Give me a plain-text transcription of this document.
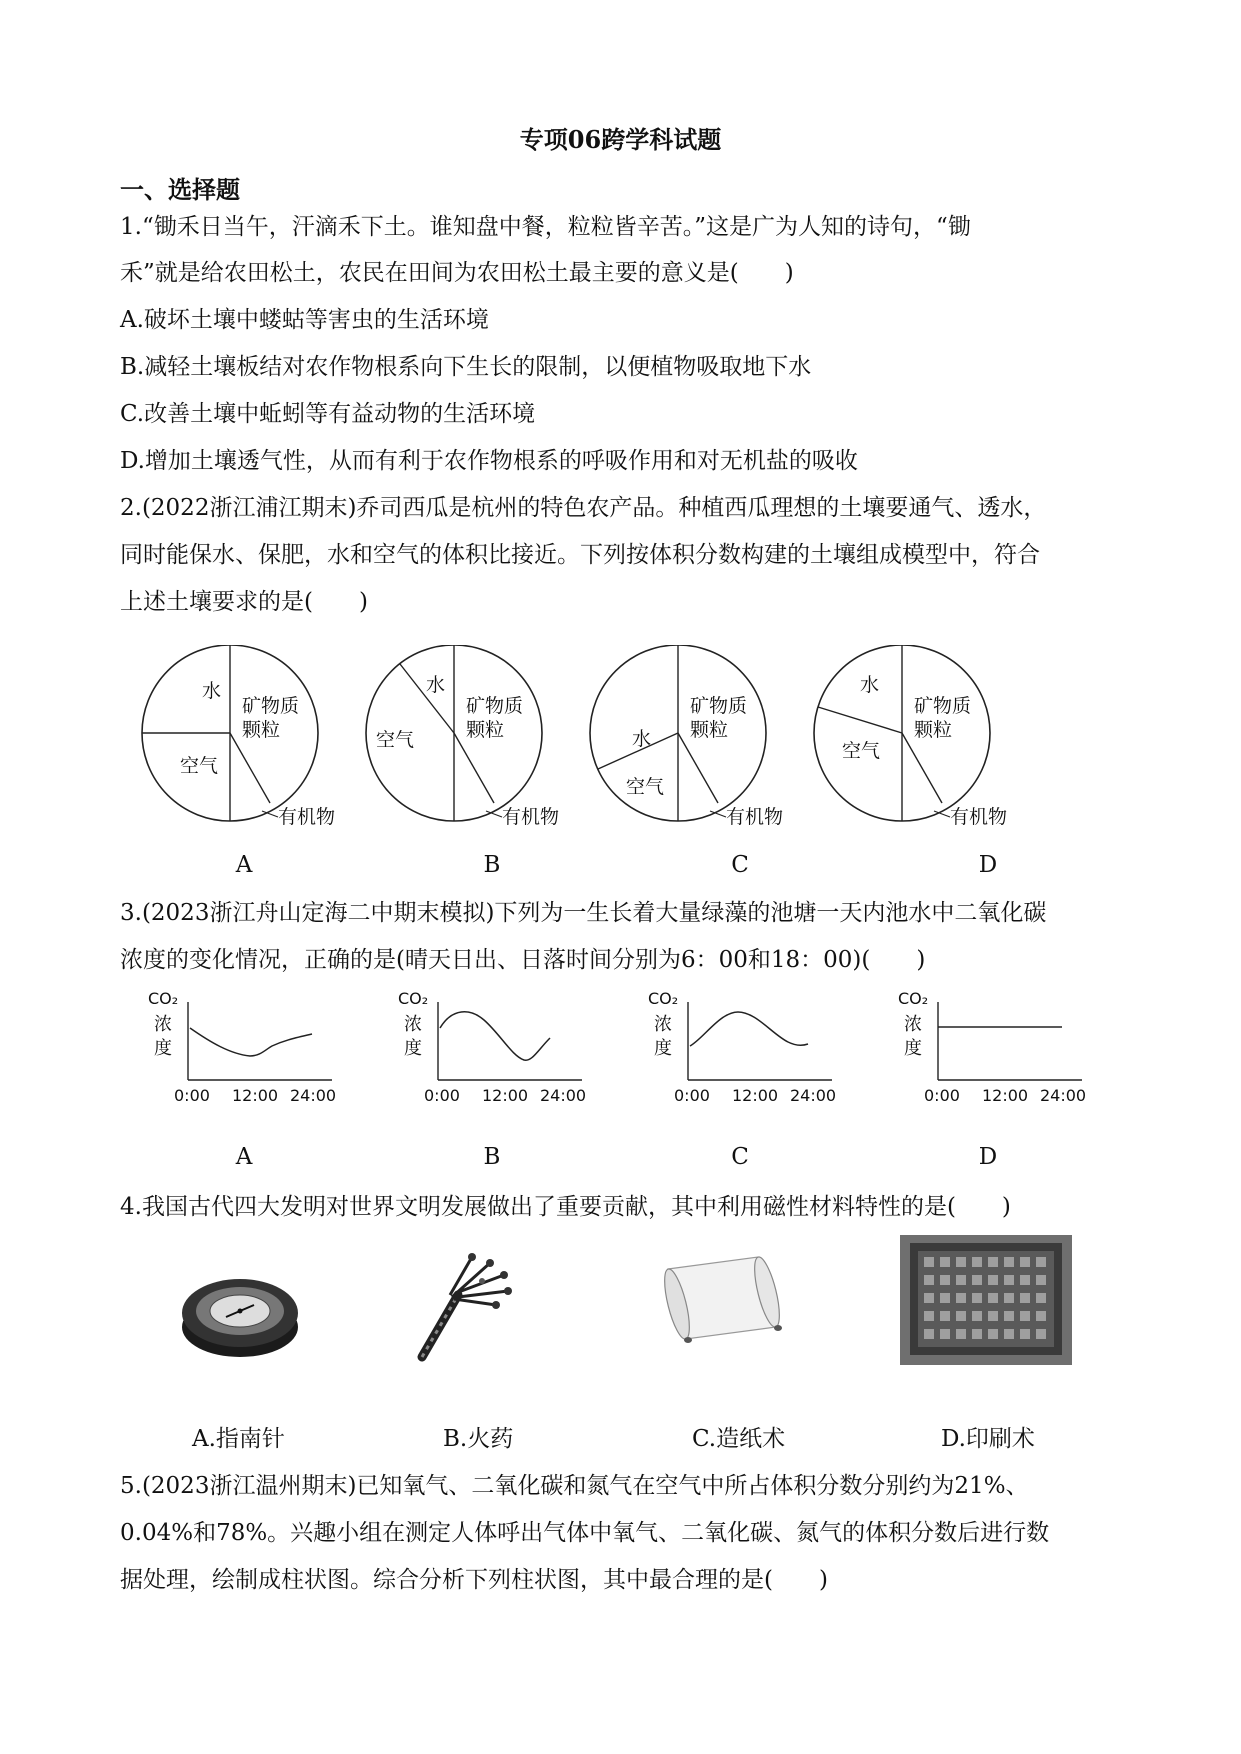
专项06跨学科试题
一、选择题
1.“锄禾日当午，汗滴禾下土。谁知盘中餐，粒粒皆辛苦。”这是广为人知的诗句，“锄
禾”就是给农田松土，农民在田间为农田松土最主要的意义是(　　)
A.破坏土壤中蝼蛄等害虫的生活环境
B.减轻土壤板结对农作物根系向下生长的限制，以便植物吸取地下水
C.改善土壤中蚯蚓等有益动物的生活环境
D.增加土壤透气性，从而有利于农作物根系的呼吸作用和对无机盐的吸收
2.(2022浙江浦江期末)乔司西瓜是杭州的特色农产品。种植西瓜理想的土壤要通气、透水，
同时能保水、保肥，水和空气的体积比接近。下列按体积分数构建的土壤组成模型中，符合
上述土壤要求的是(　　)
水
空气
矿物质
颗粒
有机物
水
空气
矿物质
颗粒
有机物
水
空气
矿物质
颗粒
有机物
水
空气
矿物质
颗粒
有机物
A	B	C	D
3.(2023浙江舟山定海二中期末模拟)下列为一生长着大量绿藻的池塘一天内池水中二氧化碳
浓度的变化情况，正确的是(晴天日出、日落时间分别为6：00和18：00)(　　)
CO₂
浓
度
0:00 12:00 24:00
CO₂
浓
度
0:00 12:00 24:00
CO₂
浓
度
0:00 12:00 24:00
CO₂
浓
度
0:00 12:00 24:00
A	B	C	D
4.我国古代四大发明对世界文明发展做出了重要贡献，其中利用磁性材料特性的是(　　)
A.指南针	B.火药	C.造纸术	D.印刷术
5.(2023浙江温州期末)已知氧气、二氧化碳和氮气在空气中所占体积分数分别约为21%、
0.04%和78%。兴趣小组在测定人体呼出气体中氧气、二氧化碳、氮气的体积分数后进行数
据处理，绘制成柱状图。综合分析下列柱状图，其中最合理的是(　　)
